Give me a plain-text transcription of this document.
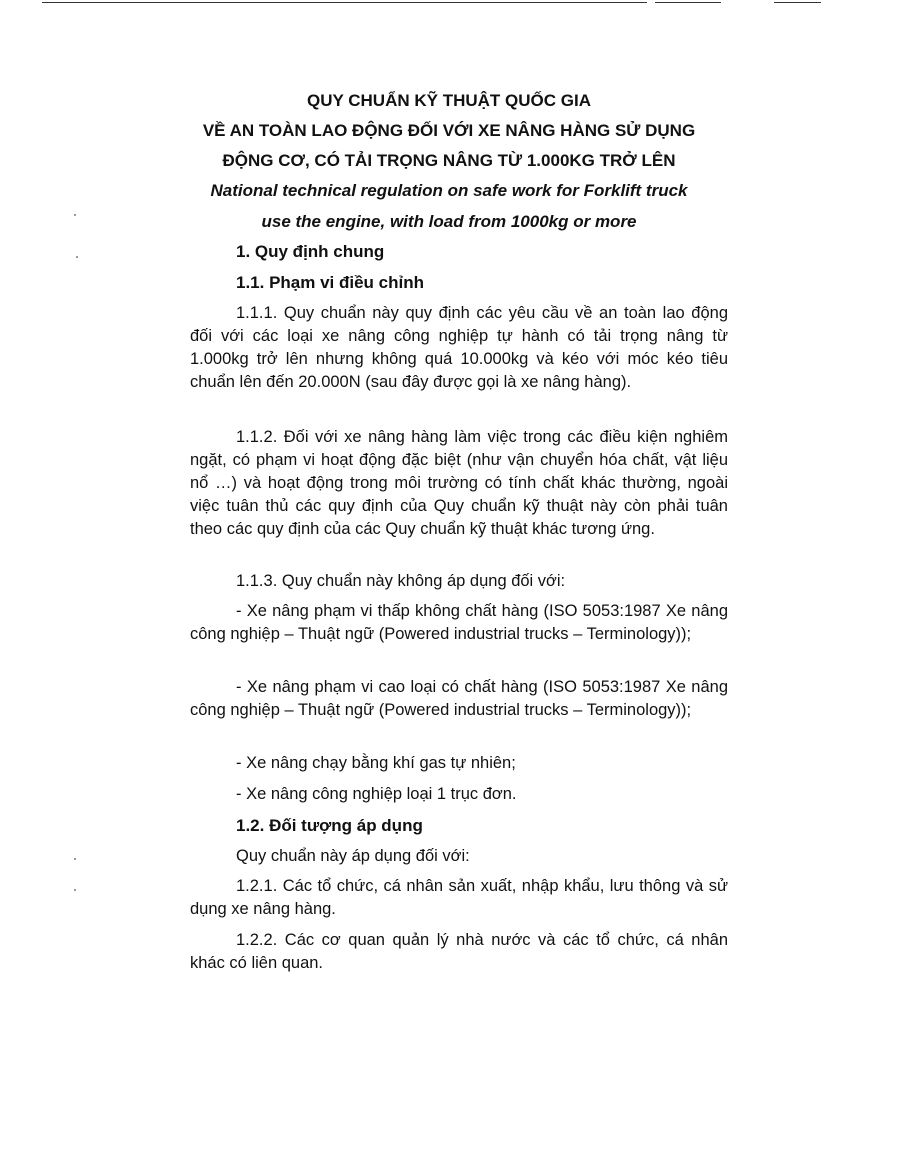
QUY CHUẨN KỸ THUẬT QUỐC GIA
VỀ AN TOÀN LAO ĐỘNG ĐỐI VỚI XE NÂNG HÀNG SỬ DỤNG
ĐỘNG CƠ, CÓ TẢI TRỌNG NÂNG TỪ 1.000KG TRỞ LÊN
National technical regulation on safe work for Forklift truck
use the engine, with load from 1000kg or more
1. Quy định chung
1.1. Phạm vi điều chỉnh

1.1.1. Quy chuẩn này quy định các yêu cầu về an toàn lao động đối với các loại xe nâng công nghiệp tự hành có tải trọng nâng từ 1.000kg trở lên nhưng không quá 10.000kg và kéo với móc kéo tiêu chuẩn lên đến 20.000N (sau đây được gọi là xe nâng hàng).

1.1.2. Đối với xe nâng hàng làm việc trong các điều kiện nghiêm ngặt, có phạm vi hoạt động đặc biệt (như vận chuyển hóa chất, vật liệu nổ …) và hoạt động trong môi trường có tính chất khác thường, ngoài việc tuân thủ các quy định của Quy chuẩn kỹ thuật này còn phải tuân theo các quy định của các Quy chuẩn kỹ thuật khác tương ứng.

1.1.3. Quy chuẩn này không áp dụng đối với:

- Xe nâng phạm vi thấp không chất hàng (ISO 5053:1987 Xe nâng công nghiệp – Thuật ngữ (Powered industrial trucks – Terminology));

- Xe nâng phạm vi cao loại có chất hàng (ISO 5053:1987 Xe nâng công nghiệp – Thuật ngữ (Powered industrial trucks – Terminology));

- Xe nâng chạy bằng khí gas tự nhiên;

- Xe nâng công nghiệp loại 1 trục đơn.

1.2. Đối tượng áp dụng

Quy chuẩn này áp dụng đối với:

1.2.1. Các tổ chức, cá nhân sản xuất, nhập khẩu, lưu thông và sử dụng xe nâng hàng.

1.2.2. Các cơ quan quản lý nhà nước và các tổ chức, cá nhân khác có liên quan.
